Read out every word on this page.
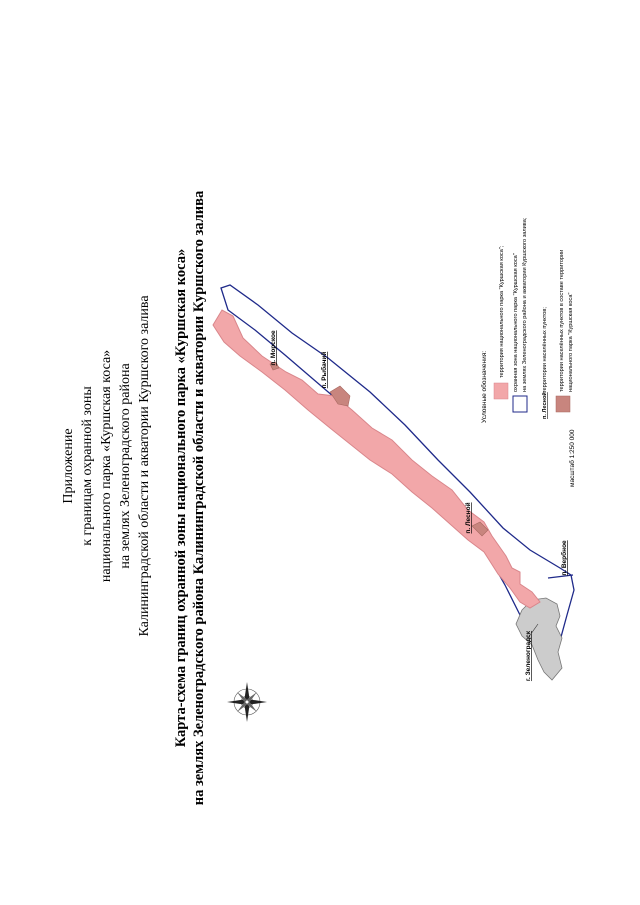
Приложение к границам охранной зоны национального парка «Куршская коса» на землях Зеленоградского района Калининградской области и акватории Куршского залива Карта-схема границ охранной зоны национального парка «Куршская коса» на землях Зеленоградского района Калининградской области и акватории Куршского залива	п. Морское
п. Рыбачий
п. Лесной
п. Вербное
г. Зеленоградск
Условные обозначения:
территория национального парка "Куршская коса"; охранная зона национального парка "Куршская коса" на землях Зеленоградского района и акватории Куршского залива;
п. Лесной
территории населённых пунктов; территории населённых пунктов в составе территории национального парка "Куршская коса"
масштаб 1:250 000
